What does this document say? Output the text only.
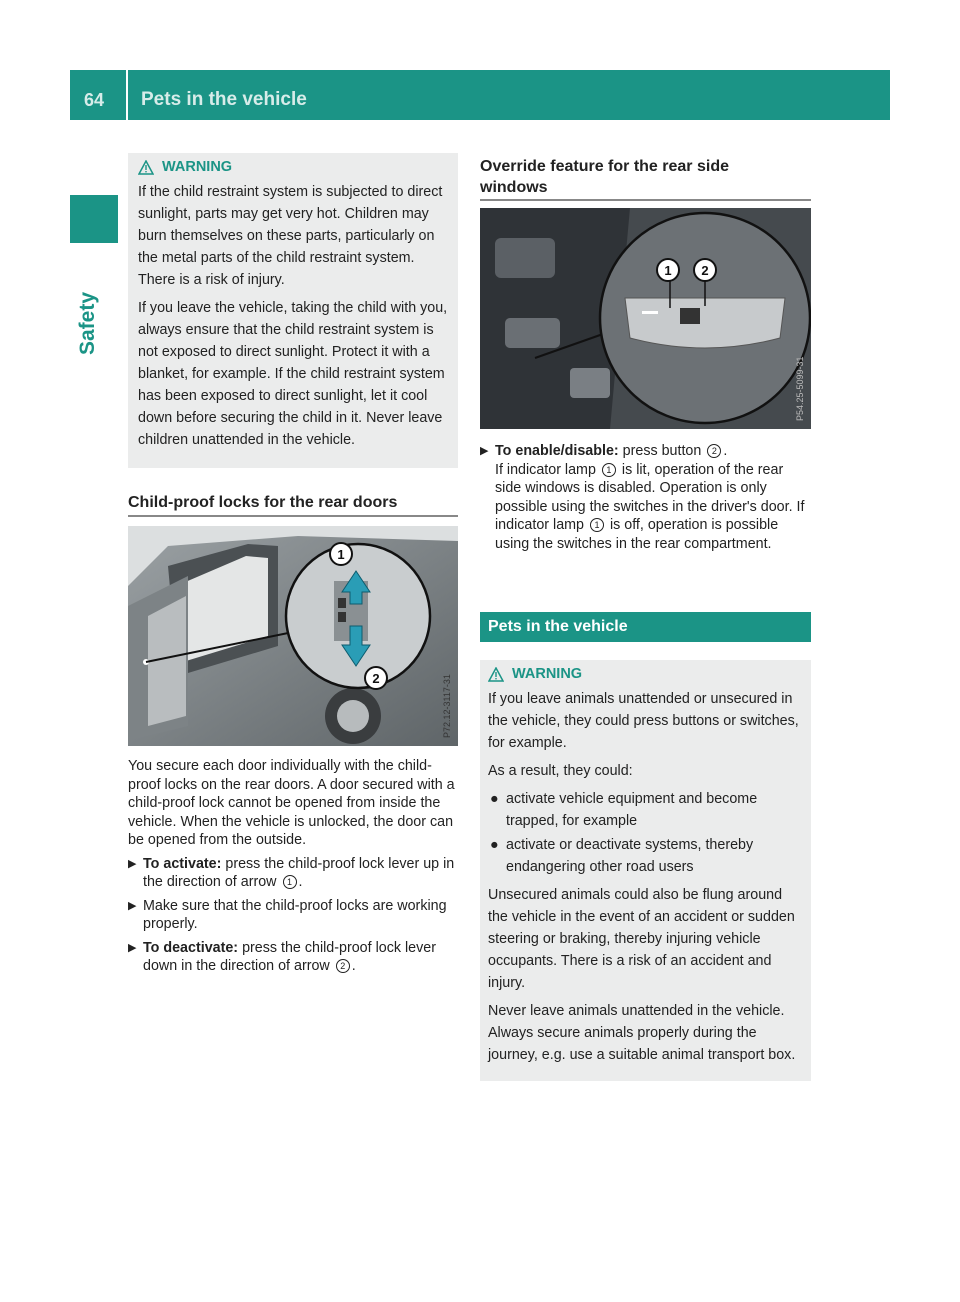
64	Pets in the vehicle
Safety
WARNING

If the child restraint system is subjected to direct sunlight, parts may get very hot. Children may burn themselves on these parts, particularly on the metal parts of the child restraint system. There is a risk of injury.

If you leave the vehicle, taking the child with you, always ensure that the child restraint system is not exposed to direct sunlight. Protect it with a blanket, for example. If the child restraint system has been exposed to direct sunlight, let it cool down before securing the child in it. Never leave children unattended in the vehicle.

Child-proof locks for the rear doors
1
2	P72.12-3117-31

You secure each door individually with the child-proof locks on the rear doors. A door secured with a child-proof lock cannot be opened from inside the vehicle. When the vehicle is unlocked, the door can be opened from the outside.

▶ To activate: press the child-proof lock lever up in the direction of arrow 1 .
▶ Make sure that the child-proof locks are working properly.
▶ To deactivate: press the child-proof lock lever down in the direction of arrow 2 .
Override feature for the rear side windows
1 2
P54.25-5099-31
▶ To enable/disable: press button 2 .
If indicator lamp 1 is lit, operation of the rear side windows is disabled. Operation is only possible using the switches in the driver's door. If indicator lamp 1 is off, operation is possible using the switches in the rear compartment.
Pets in the vehicle
WARNING

If you leave animals unattended or unsecured in the vehicle, they could press buttons or switches, for example.

As a result, they could:

● activate vehicle equipment and become trapped, for example
● activate or deactivate systems, thereby endangering other road users

Unsecured animals could also be flung around the vehicle in the event of an accident or sudden steering or braking, thereby injuring vehicle occupants. There is a risk of an accident and injury.

Never leave animals unattended in the vehicle. Always secure animals properly during the journey, e.g. use a suitable animal transport box.
